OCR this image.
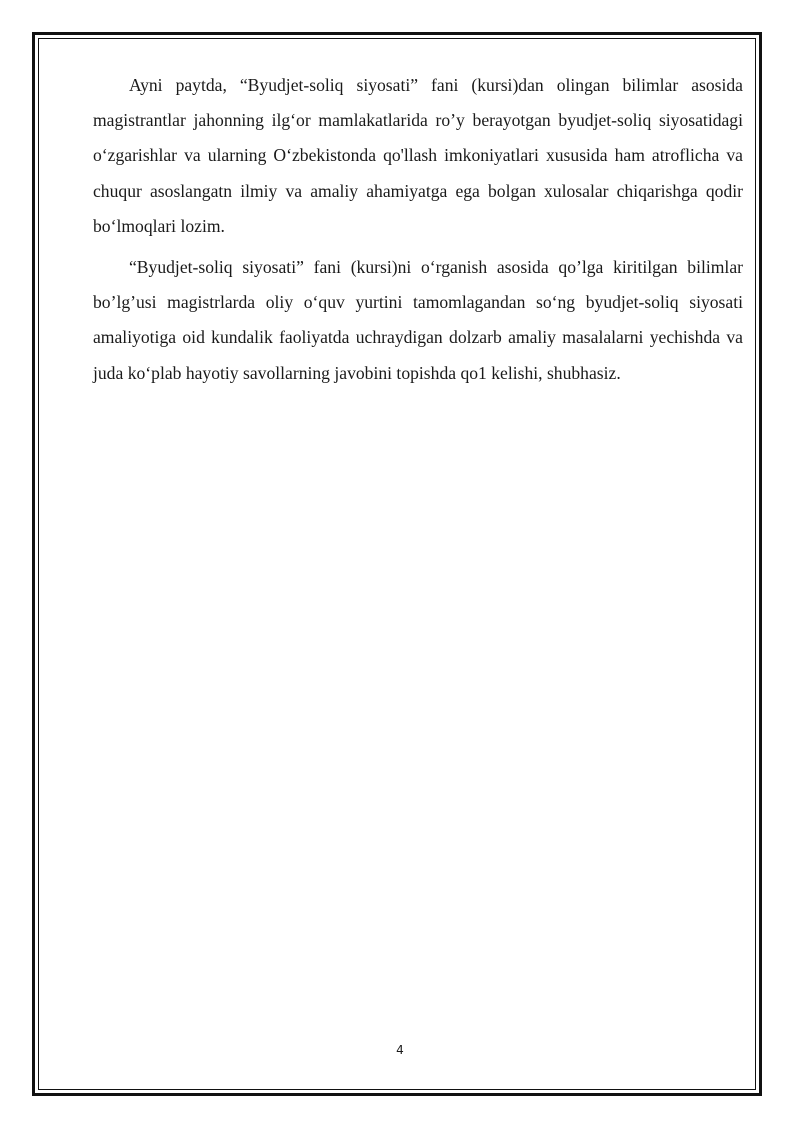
Ayni paytda, “Byudjet-soliq siyosati” fani (kursi)dan olingan bilimlar asosida magistrantlar jahonning ilg‘or mamlakatlarida ro’y berayotgan byudjet-soliq siyosatidagi o‘zgarishlar va ularning O‘zbekistonda qo'llash imkoniyatlari xususida ham atroflicha va chuqur asoslangatn ilmiy va amaliy ahamiyatga ega bolgan xulosalar chiqarishga qodir bo‘lmoqlari lozim.

“Byudjet-soliq siyosati” fani (kursi)ni o‘rganish asosida qo’lga kiritilgan bilimlar bo’lg’usi magistrlarda oliy o‘quv yurtini tamomlagandan so‘ng byudjet-soliq siyosati amaliyotiga oid kundalik faoliyatda uchraydigan dolzarb amaliy masalalarni yechishda va juda ko‘plab hayotiy savollarning javobini topishda qo1 kelishi, shubhasiz.

4
